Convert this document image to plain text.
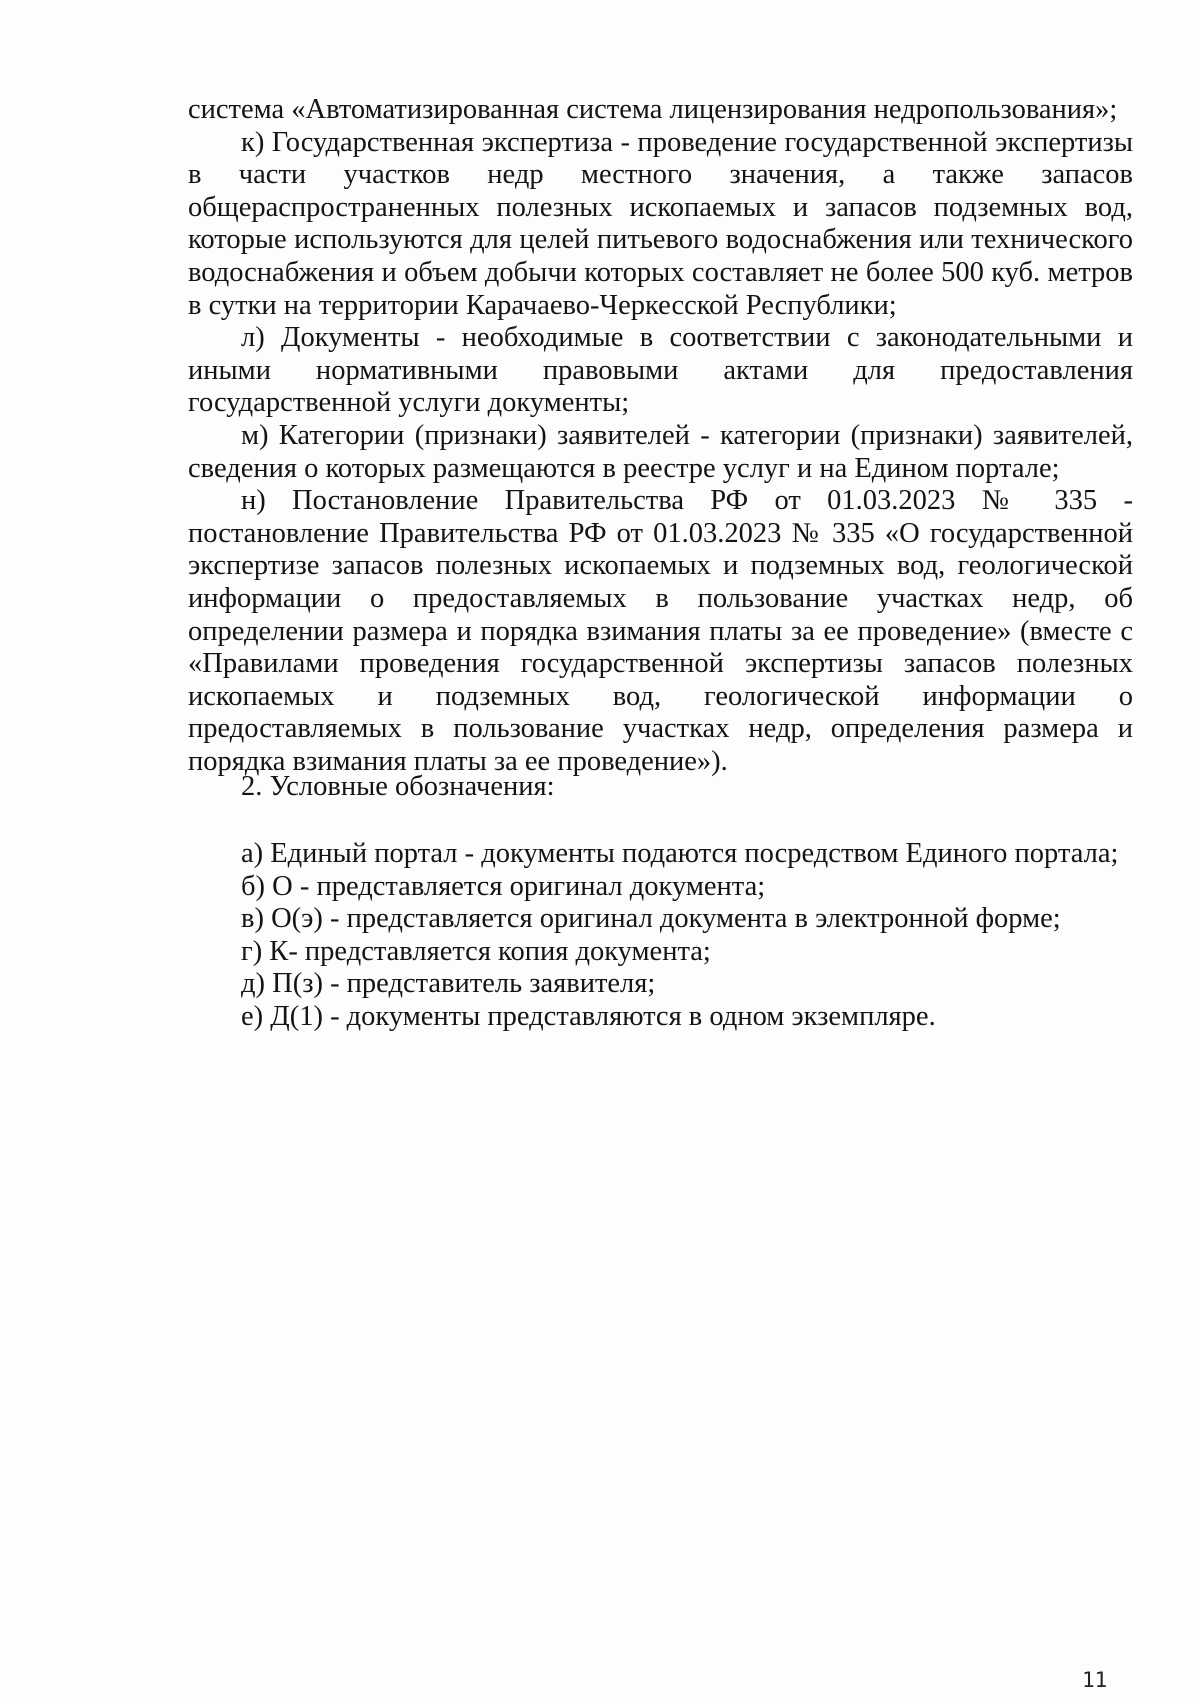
система «Автоматизированная система лицензирования недропользования»;

к) Государственная экспертиза - проведение государственной экспертизы в части участков недр местного значения, а также запасов общераспространенных полезных ископаемых и запасов подземных вод, которые используются для целей питьевого водоснабжения или технического водоснабжения и объем добычи которых составляет не более 500 куб. метров в сутки на территории Карачаево-Черкесской Республики;

л) Документы - необходимые в соответствии с законодательными и иными нормативными правовыми актами для предоставления государственной услуги документы;

м) Категории (признаки) заявителей - категории (признаки) заявителей, сведения о которых размещаются в реестре услуг и на Едином портале;

н) Постановление Правительства РФ от 01.03.2023 № 335 - постановление Правительства РФ от 01.03.2023 № 335 «О государственной экспертизе запасов полезных ископаемых и подземных вод, геологической информации о предоставляемых в пользование участках недр, об определении размера и порядка взимания платы за ее проведение» (вместе с «Правилами проведения государственной экспертизы запасов полезных ископаемых и подземных вод, геологической информации о предоставляемых в пользование участках недр, определения размера и порядка взимания платы за ее проведение»).

2. Условные обозначения:

а) Единый портал - документы подаются посредством Единого портала;
б) О - представляется оригинал документа;
в) О(э) - представляется оригинал документа в электронной форме;
г) К- представляется копия документа;
д) П(з) - представитель заявителя;
е) Д(1) - документы представляются в одном экземпляре.
11
